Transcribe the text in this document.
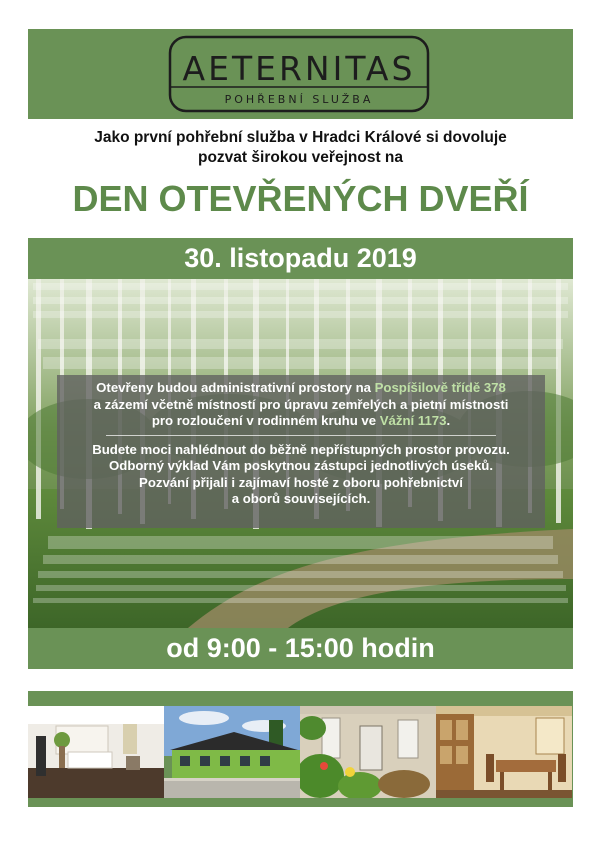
AETERNITAS
POHŘEBNÍ SLUŽBA
Jako první pohřební služba v Hradci Králové si dovoluje
pozvat širokou veřejnost na
DEN OTEVŘENÝCH DVEŘÍ
30. listopadu 2019
Otevřeny budou administrativní prostory na Pospíšilově třídě 378
a zázemí včetně místností pro úpravu zemřelých a pietní místnosti
pro rozloučení v rodinném kruhu ve Vážní 1173.
Budete moci nahlédnout do běžně nepřístupných prostor provozu.
Odborný výklad Vám poskytnou zástupci jednotlivých úseků.
Pozvání přijali i zajímaví hosté z oboru pohřebnictví
a oborů souvisejících.
od 9:00 - 15:00 hodin
